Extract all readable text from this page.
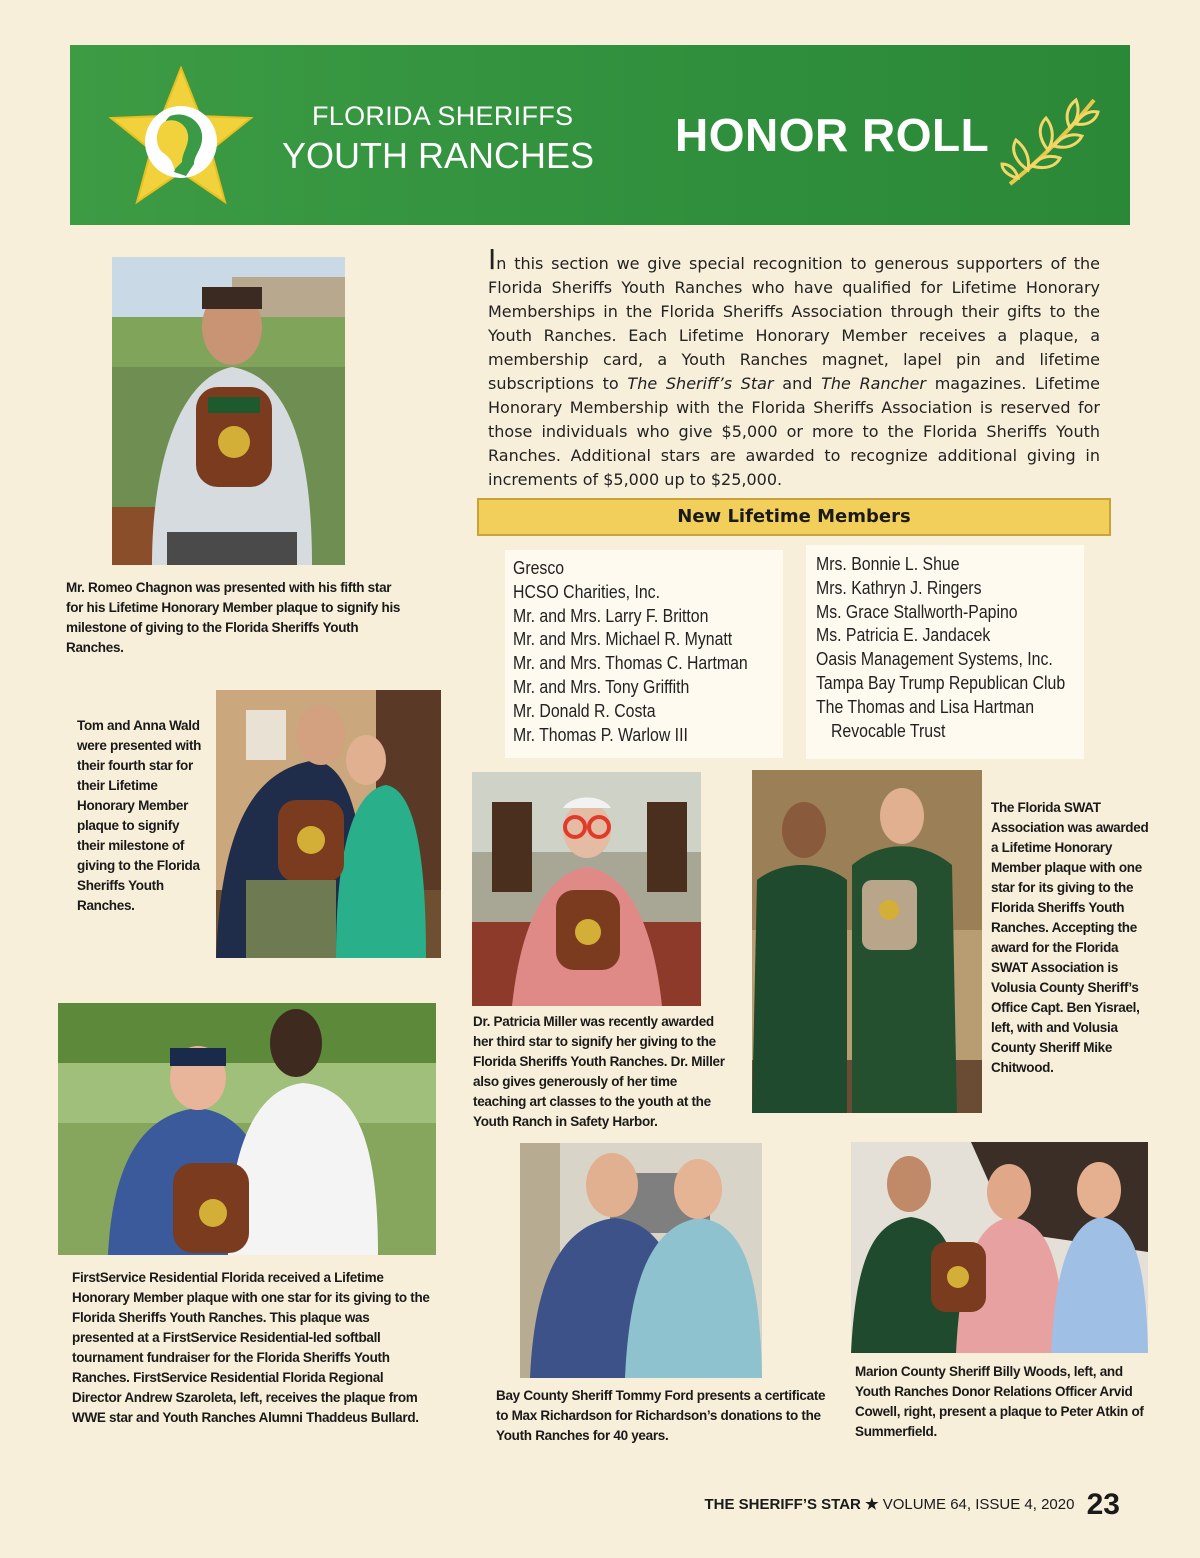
FLORIDA SHERIFFS
YOUTH RANCHES HONOR ROLL
In this section we give special recognition to generous supporters of the Florida Sheriffs Youth Ranches who have qualified for Lifetime Honorary Memberships in the Florida Sheriffs Association through their gifts to the Youth Ranches. Each Lifetime Honorary Member receives a plaque, a membership card, a Youth Ranches magnet, lapel pin and lifetime subscriptions to The Sheriff’s Star and The Rancher magazines. Lifetime Honorary Membership with the Florida Sheriffs Association is reserved for those individuals who give $5,000 or more to the Florida Sheriffs Youth Ranches. Additional stars are awarded to recognize additional giving in increments of $5,000 up to $25,000.
New Lifetime Members
Gresco
HCSO Charities, Inc.
Mr. and Mrs. Larry F. Britton
Mr. and Mrs. Michael R. Mynatt
Mr. and Mrs. Thomas C. Hartman
Mr. and Mrs. Tony Griffith
Mr. Donald R. Costa
Mr. Thomas P. Warlow III
Mrs. Bonnie L. Shue
Mrs. Kathryn J. Ringers
Ms. Grace Stallworth-Papino
Ms. Patricia E. Jandacek
Oasis Management Systems, Inc.
Tampa Bay Trump Republican Club
The Thomas and Lisa Hartman
Revocable Trust
Mr. Romeo Chagnon was presented with his fifth star for his Lifetime Honorary Member plaque to signify his milestone of giving to the Florida Sheriffs Youth Ranches.
Tom and Anna Wald were presented with their fourth star for their Lifetime Honorary Member plaque to signify their milestone of giving to the Florida Sheriffs Youth Ranches.
Dr. Patricia Miller was recently awarded her third star to signify her giving to the Florida Sheriffs Youth Ranches. Dr. Miller also gives generously of her time teaching art classes to the youth at the Youth Ranch in Safety Harbor.
The Florida SWAT Association was awarded a Lifetime Honorary Member plaque with one star for its giving to the Florida Sheriffs Youth Ranches. Accepting the award for the Florida SWAT Association is Volusia County Sheriff’s Office Capt. Ben Yisrael, left, with and Volusia County Sheriff Mike Chitwood.
FirstService Residential Florida received a Lifetime Honorary Member plaque with one star for its giving to the Florida Sheriffs Youth Ranches. This plaque was presented at a FirstService Residential-led softball tournament fundraiser for the Florida Sheriffs Youth Ranches. FirstService Residential Florida Regional Director Andrew Szaroleta, left, receives the plaque from WWE star and Youth Ranches Alumni Thaddeus Bullard.
Bay County Sheriff Tommy Ford presents a certificate to Max Richardson for Richardson’s donations to the Youth Ranches for 40 years.
Marion County Sheriff Billy Woods, left, and Youth Ranches Donor Relations Officer Arvid Cowell, right, present a plaque to Peter Atkin of Summerfield.
THE SHERIFF’S STAR ★ VOLUME 64, ISSUE 4, 2020 23
